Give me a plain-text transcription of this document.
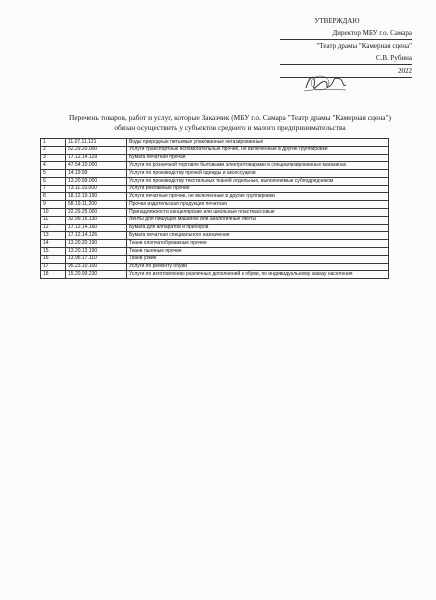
УТВЕРЖДАЮ
Директор МБУ г.о. Самара
"Театр драмы "Камерная сцена"
С.В. Рубина
2022
Перечень товаров, работ и услуг, которые Заказчик (МБУ г.о. Самара "Театр драмы "Камерная сцена") обязан осуществить у субъектов среднего и малого предпринимательства
1	11.07.11.121	Воды природные питьевые упакованные негазированные
2	52.29.20.000	Услуги транспортные вспомогательные прочие, не включенные в другие группировки
3	17.12.14.129	Бумага печатная прочая
4	47.54.10.000	Услуги по розничной торговле бытовыми электротоварами в специализированных магазинах
5	14.19.99	Услуги по производству прочей одежды и аксессуаров
6	13.20.99.000	Услуги по производству текстильных тканей отдельные, выполняемые субподрядчиком
7	73.11.19.000	Услуги рекламные прочие
8	18.12.19.190	Услуги печатные прочие, не включенные в другие группировки
9	58.19.11.200	Прочая издательская продукция печатная
10	22.29.25.000	Принадлежности канцелярские или школьные пластмассовые
11	32.99.16.130	Ленты для пишущих машинок или аналогичные ленты
12	17.12.14.160	Бумага для аппаратов и приборов
13	17.12.14.126	Бумага печатная специального назначения
14	13.20.20.190	Ткани хлопчатобумажные прочие
15	13.20.13.190	Ткани льняные прочие
16	13.96.17.110	Ткани узкие
17	95.23.10.100	Услуги по ремонту обуви
18	15.20.99.230	Услуги по изготовлению различных дополнений к обуви, по индивидуальному заказу населения
